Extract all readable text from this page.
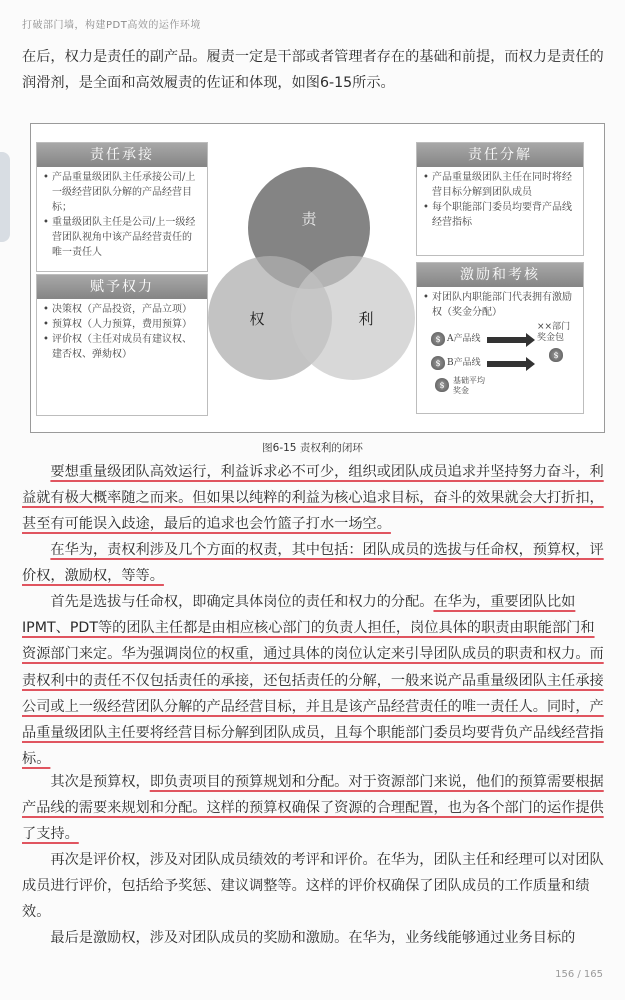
打破部门墙，构建PDT高效的运作环境

在后，权力是责任的副产品。履责一定是干部或者管理者存在的基础和前提，而权力是责任的润滑剂，是全面和高效履责的佐证和体现，如图6-15所示。

责任承接
• 产品重量级团队主任承接公司/上一级经营团队分解的产品经营目标；
• 重量级团队主任是公司/上一级经营团队视角中该产品经营责任的唯一责任人
赋予权力
• 决策权（产品投资，产品立项）
• 预算权（人力预算，费用预算）
• 评价权（主任对成员有建议权、建否权、弹劾权）
责
权	利
责任分解
• 产品重量级团队主任在同时将经营目标分解到团队成员
• 每个职能部门委员均要背产品线经营指标
激励和考核
• 对团队内职能部门代表拥有激励权（奖金分配）
$ A产品线
××部门奖金包
$
$ B产品线
$	基础平均奖金
图6-15 责权利的闭环

要想重量级团队高效运行，利益诉求必不可少，组织或团队成员追求并坚持努力奋斗，利益就有极大概率随之而来。但如果以纯粹的利益为核心追求目标，奋斗的效果就会大打折扣，甚至有可能误入歧途，最后的追求也会竹篮子打水一场空。

在华为，责权利涉及几个方面的权责，其中包括：团队成员的选拔与任命权，预算权，评价权，激励权，等等。

首先是选拔与任命权，即确定具体岗位的责任和权力的分配。在华为，重要团队比如IPMT、PDT等的团队主任都是由相应核心部门的负责人担任，岗位具体的职责由职能部门和资源部门来定。华为强调岗位的权重，通过具体的岗位认定来引导团队成员的职责和权力。而责权利中的责任不仅包括责任的承接，还包括责任的分解，一般来说产品重量级团队主任承接公司或上一级经营团队分解的产品经营目标，并且是该产品经营责任的唯一责任人。同时，产品重量级团队主任要将经营目标分解到团队成员，且每个职能部门委员均要背负产品线经营指标。

其次是预算权，即负责项目的预算规划和分配。对于资源部门来说，他们的预算需要根据产品线的需要来规划和分配。这样的预算权确保了资源的合理配置，也为各个部门的运作提供了支持。

再次是评价权，涉及对团队成员绩效的考评和评价。在华为，团队主任和经理可以对团队成员进行评价，包括给予奖惩、建议调整等。这样的评价权确保了团队成员的工作质量和绩效。

最后是激励权，涉及对团队成员的奖励和激励。在华为，业务线能够通过业务目标的

156 / 165
